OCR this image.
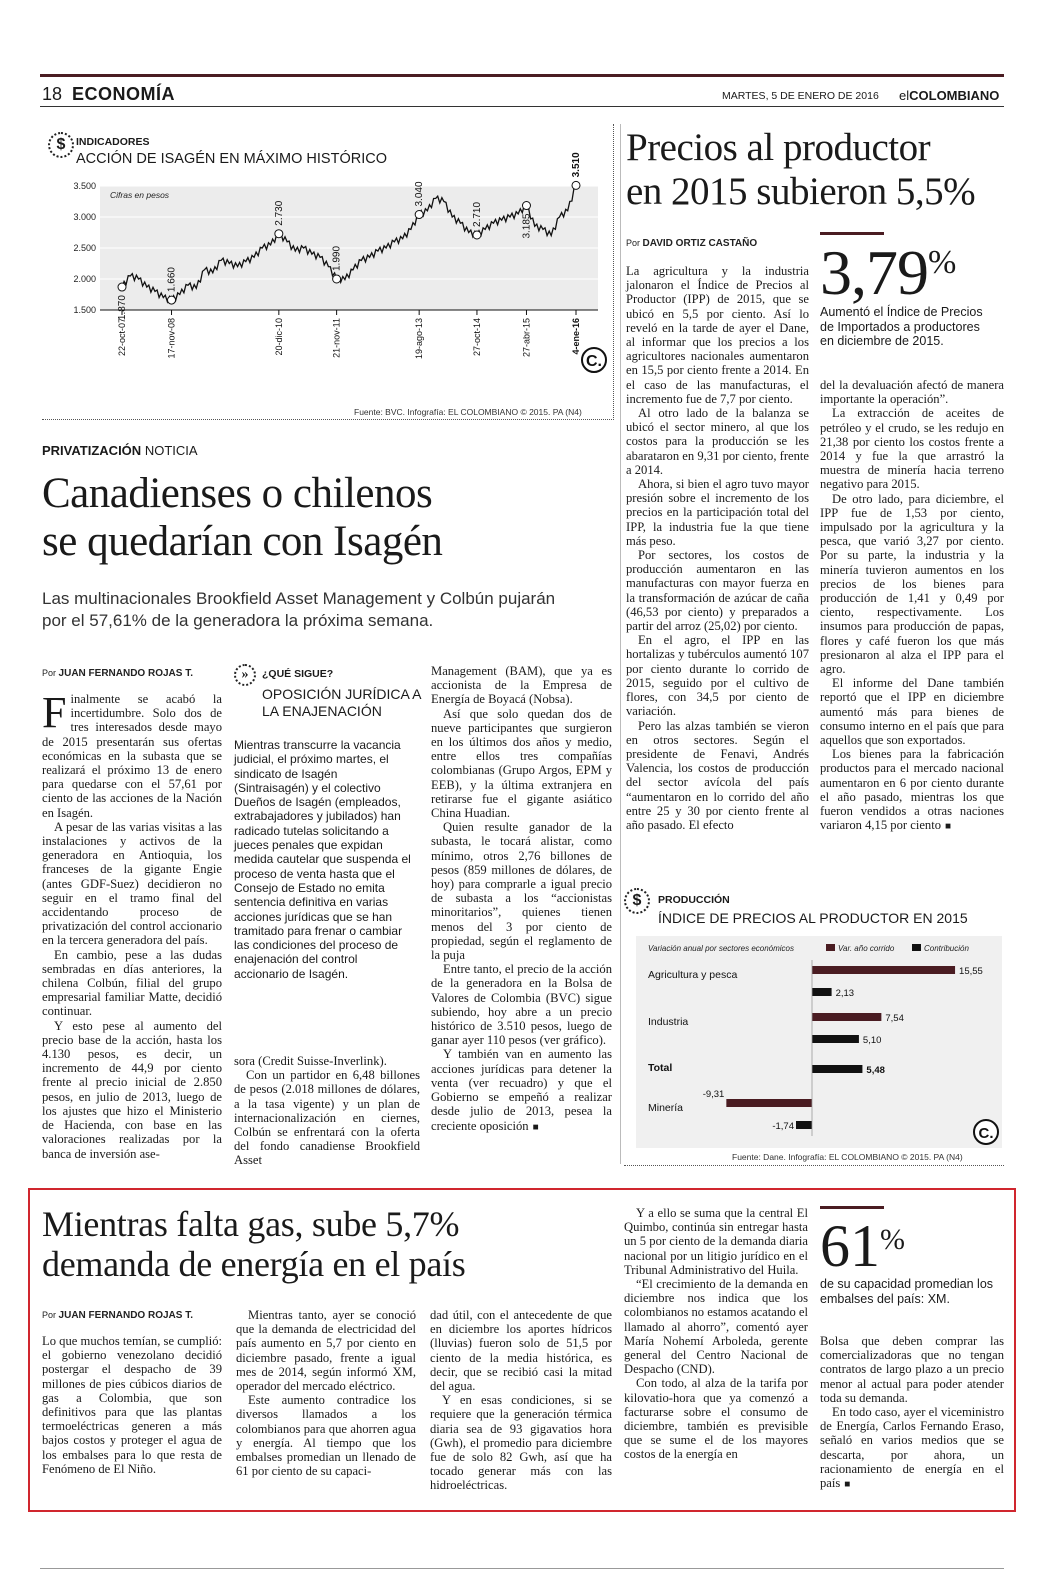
18 ECONOMÍA	MARTES, 5 DE ENERO DE 2016 elCOLOMBIANO
$	INDICADORES
ACCIÓN DE ISAGÉN EN MÁXIMO HISTÓRICO
3.500
3.000
2.500
2.000
1.500
Cifras en pesos
1.870
22-oct-07
1.660
17-nov-08
2.730
20-dic-10
1.990
21-nov-11
3.040
19-ago-13
2.710
27-oct-14
3.185
27-abr-15
3.510
4-ene-16
C.
Fuente: BVC. Infografía: EL COLOMBIANO © 2015. PA (N4)
PRIVATIZACIÓN NOTICIA
Canadienses o chilenos
se quedarían con Isagén
Las multinacionales Brookfield Asset Management y Colbún pujarán por el 57,61% de la generadora la próxima semana.
Por JUAN FERNANDO ROJAS T.

Finalmente se acabó la incertidumbre. Solo dos de tres interesados desde mayo de 2015 presentarán sus ofertas económicas en la subasta que se realizará el próximo 13 de enero para quedarse con el 57,61 por ciento de las acciones de la Nación en Isagén.

A pesar de las varias visitas a las instalaciones y activos de la generadora en Antioquia, los franceses de la gigante Engie (antes GDF-Suez) decidieron no seguir en el tramo final del accidentando proceso de privatización del control accionario en la tercera generadora del país.

En cambio, pese a las dudas sembradas en días anteriores, la chilena Colbún, filial del grupo empresarial familiar Matte, decidió continuar.

Y esto pese al aumento del precio base de la acción, hasta los 4.130 pesos, es decir, un incremento de 44,9 por ciento frente al precio inicial de 2.850 pesos, en julio de 2013, luego de los ajustes que hizo el Ministerio de Hacienda, con base en las valoraciones realizadas por la banca de inversión ase-

»	¿QUÉ SIGUE?
OPOSICIÓN JURÍDICA A LA ENAJENACIÓN
Mientras transcurre la vacancia judicial, el próximo martes, el sindicato de Isagén (Sintraisagén) y el colectivo Dueños de Isagén (empleados, extrabajadores y jubilados) han radicado tutelas solicitando a jueces penales que expidan medida cautelar que suspenda el proceso de venta hasta que el Consejo de Estado no emita sentencia definitiva en varias acciones jurídicas que se han tramitado para frenar o cambiar las condiciones del proceso de enajenación del control accionario de Isagén.

sora (Credit Suisse-Inverlink).

Con un partidor en 6,48 billones de pesos (2.018 millones de dólares, a la tasa vigente) y un plan de internacionalización en ciernes, Colbún se enfrentará con la oferta del fondo canadiense Brookfield Asset

Management (BAM), que ya es accionista de la Empresa de Energía de Boyacá (Nobsa).

Así que solo quedan dos de nueve participantes que surgieron en los últimos dos años y medio, entre ellos tres compañías colombianas (Grupo Argos, EPM y EEB), y la última extranjera en retirarse fue el gigante asiático China Huadian.

Quien resulte ganador de la subasta, le tocará alistar, como mínimo, otros 2,76 billones de pesos (859 millones de dólares, de hoy) para comprarle a igual precio de subasta a los “accionistas minoritarios”, quienes tienen menos del 3 por ciento de propiedad, según el reglamento de la puja

Entre tanto, el precio de la acción de la generadora en la Bolsa de Valores de Colombia (BVC) sigue subiendo, hoy abre a un precio histórico de 3.510 pesos, luego de ganar ayer 110 pesos (ver gráfico).

Y también van en aumento las acciones jurídicas para detener la venta (ver recuadro) y que el Gobierno se empeñó a realizar desde julio de 2013, pesea la creciente oposición ■

Precios al productor
en 2015 subieron 5,5%
Por DAVID ORTIZ CASTAÑO

La agricultura y la industria jalonaron el Índice de Precios al Productor (IPP) de 2015, que se ubicó en 5,5 por ciento. Así lo reveló en la tarde de ayer el Dane, al informar que los precios a los agricultores nacionales aumentaron en 15,5 por ciento frente a 2014. En el caso de las manufacturas, el incremento fue de 7,7 por ciento.

Al otro lado de la balanza se ubicó el sector minero, al que los costos para la producción se les abarataron en 9,31 por ciento, frente a 2014.

Ahora, si bien el agro tuvo mayor presión sobre el incremento de los precios en la participación total del IPP, la industria fue la que tiene más peso.

Por sectores, los costos de producción aumentaron en las manufacturas con mayor fuerza en la transformación de azúcar de caña (46,53 por ciento) y preparados a partir del arroz (25,02) por ciento.

En el agro, el IPP en las hortalizas y tubérculos aumentó 107 por ciento durante lo corrido de 2015, seguido por el cultivo de flores, con 34,5 por ciento de variación.

Pero las alzas también se vieron en otros sectores. Según el presidente de Fenavi, Andrés Valencia, los costos de producción del sector avícola del país “aumentaron en lo corrido del año entre 25 y 30 por ciento frente al año pasado. El efecto

3,79%
Aumentó el Índice de Precios de Importados a productores en diciembre de 2015.

del la devaluación afectó de manera importante la operación”.

La extracción de aceites de petróleo y el crudo, se les redujo en 21,38 por ciento los costos frente a 2014 y fue la que arrastró la muestra de minería hacia terreno negativo para 2015.

De otro lado, para diciembre, el IPP fue de 1,53 por ciento, impulsado por la agricultura y la pesca, que varió 3,27 por ciento. Por su parte, la industria y la minería tuvieron aumentos en los precios de los bienes para producción de 1,41 y 0,49 por ciento, respectivamente. Los insumos para producción de papas, flores y café fueron los que más presionaron al alza el IPP para el agro.

El informe del Dane también reportó que el IPP en diciembre aumentó más para bienes de consumo interno en el país que para aquellos que son exportados.

Los bienes para la fabricación productos para el mercado nacional aumentaron en 6 por ciento durante el año pasado, mientras los que fueron vendidos a otras naciones variaron 4,15 por ciento ■

$	PRODUCCIÓN
ÍNDICE DE PRECIOS AL PRODUCTOR EN 2015
Variación anual por sectores económicos	Var. año corrido	Contribución
Agricultura y pesca	15,55
2,13
Industria	7,54
5,10
Total	5,48
Minería
-9,31
-1,74	C.
Fuente: Dane. Infografía: EL COLOMBIANO © 2015. PA (N4)
Mientras falta gas, sube 5,7%
demanda de energía en el país
Por JUAN FERNANDO ROJAS T.

Lo que muchos temían, se cumplió: el gobierno venezolano decidió postergar el despacho de 39 millones de pies cúbicos diarios de gas a Colombia, que son definitivos para que las plantas termoeléctricas generen a más bajos costos y proteger el agua de los embalses para lo que resta de Fenómeno de El Niño.

Mientras tanto, ayer se conoció que la demanda de electricidad del país aumento en 5,7 por ciento en diciembre pasado, frente a igual mes de 2014, según informó XM, operador del mercado eléctrico.

Este aumento contradice los diversos llamados a los colombianos para que ahorren agua y energía. Al tiempo que los embalses promedian un llenado de 61 por ciento de su capaci-

dad útil, con el antecedente de que en diciembre los aportes hídricos (lluvias) fueron solo de 51,5 por ciento de la media histórica, es decir, que se recibió casi la mitad del agua.

Y en esas condiciones, si se requiere que la generación térmica diaria sea de 93 gigavatios hora (Gwh), el promedio para diciembre fue de solo 82 Gwh, así que ha tocado generar más con las hidroeléctricas.

Y a ello se suma que la central El Quimbo, continúa sin entregar hasta un 5 por ciento de la demanda diaria nacional por un litigio jurídico en el Tribunal Administrativo del Huila.

“El crecimiento de la demanda en diciembre nos indica que los colombianos no estamos acatando el llamado al ahorro”, comentó ayer María Nohemí Arboleda, gerente general del Centro Nacional de Despacho (CND).

Con todo, al alza de la tarifa por kilovatio-hora que ya comenzó a facturarse sobre el consumo de diciembre, también es previsible que se sume el de los mayores costos de la energía en

61%
de su capacidad promedian los embalses del país: XM.

Bolsa que deben comprar las comercializadoras que no tengan contratos de largo plazo a un precio menor al actual para poder atender toda su demanda.

En todo caso, ayer el viceministro de Energía, Carlos Fernando Eraso, señaló en varios medios que se descarta, por ahora, un racionamiento de energía en el país ■
